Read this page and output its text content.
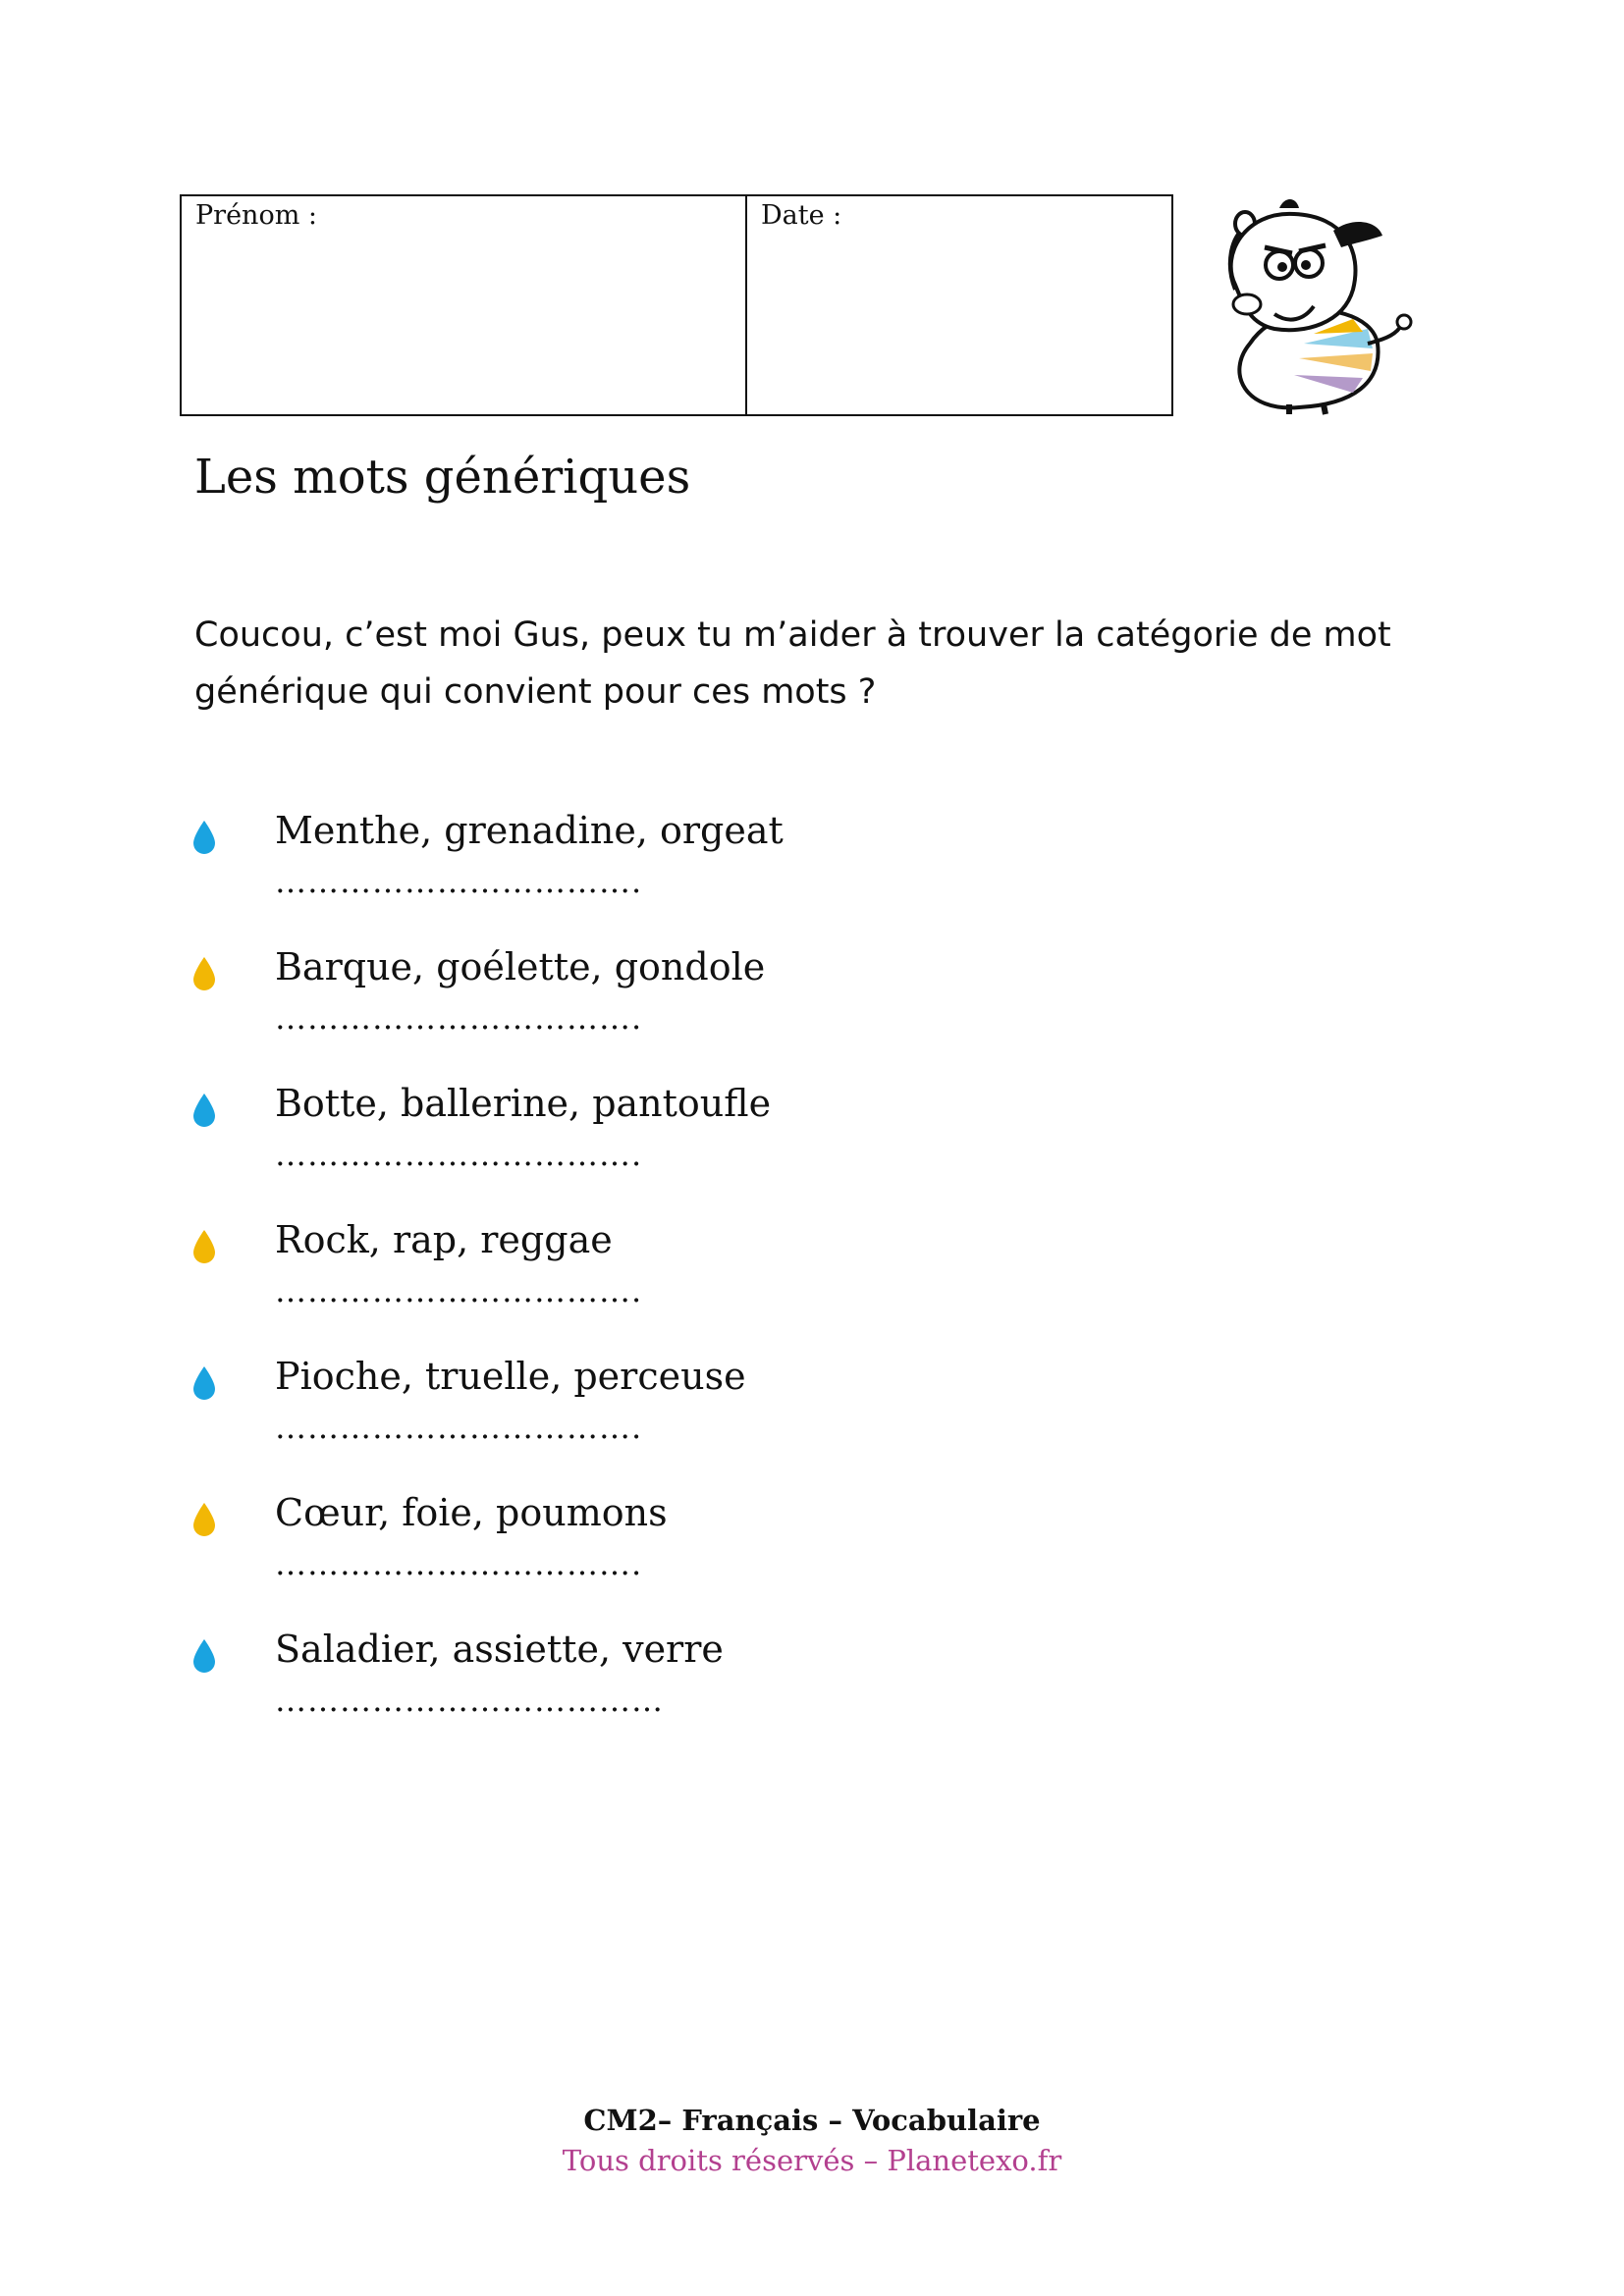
Prénom :	Date :
Les mots génériques

Coucou, c’est moi Gus, peux tu m’aider à trouver la catégorie de mot
générique qui convient pour ces mots ?

Menthe, grenadine, orgeat
…………………………….
Barque, goélette, gondole
…………………………….
Botte, ballerine, pantoufle
…………………………….
Rock, rap, reggae
…………………………….
Pioche, truelle, perceuse
…………………………….
Cœur, foie, poumons
…………………………….
Saladier, assiette, verre
………………………………
CM2– Français – Vocabulaire
Tous droits réservés – Planetexo.fr
